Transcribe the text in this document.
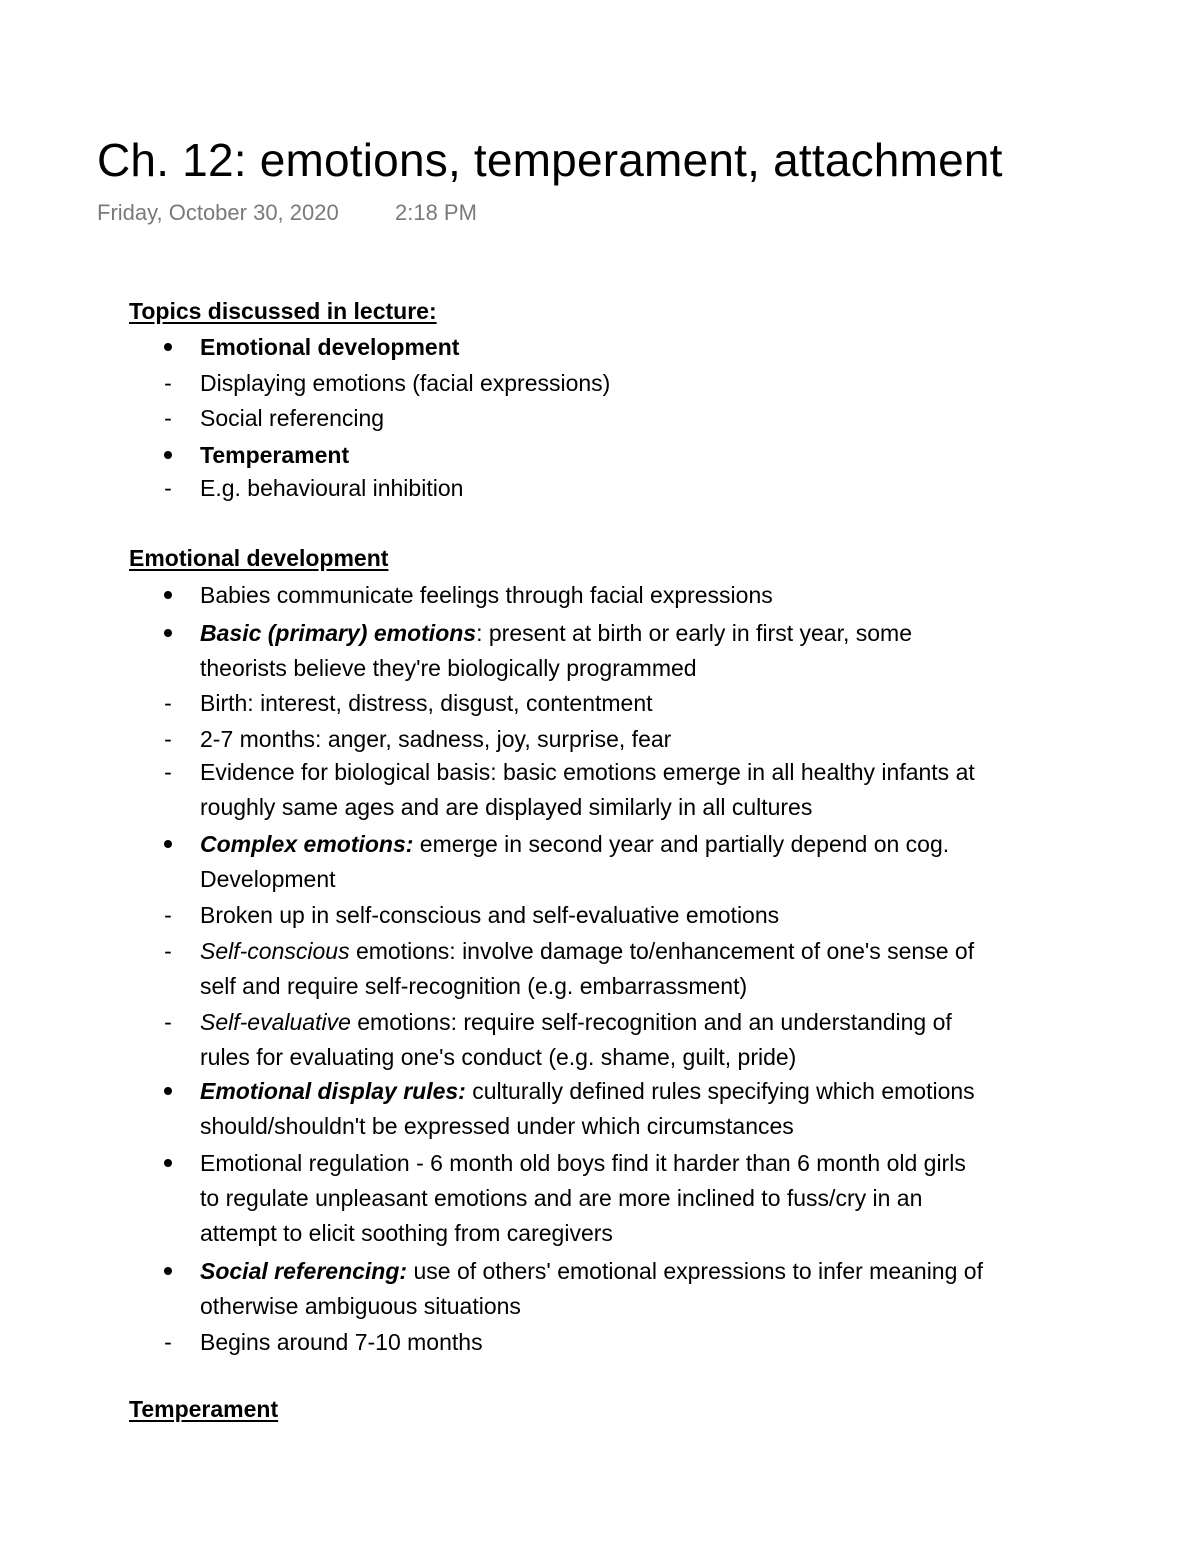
Ch. 12: emotions, temperament, attachment
Friday, October 30, 2020	2:18 PM
Topics discussed in lecture:
Emotional development
- Displaying emotions (facial expressions)
- Social referencing
Temperament
- E.g. behavioural inhibition
Emotional development
Babies communicate feelings through facial expressions
Basic (primary) emotions: present at birth or early in first year, some
theorists believe they're biologically programmed
- Birth: interest, distress, disgust, contentment
- 2-7 months: anger, sadness, joy, surprise, fear
- Evidence for biological basis: basic emotions emerge in all healthy infants at
roughly same ages and are displayed similarly in all cultures
Complex emotions: emerge in second year and partially depend on cog.
Development
- Broken up in self-conscious and self-evaluative emotions
- Self-conscious emotions: involve damage to/enhancement of one's sense of
self and require self-recognition (e.g. embarrassment)
- Self-evaluative emotions: require self-recognition and an understanding of
rules for evaluating one's conduct (e.g. shame, guilt, pride)
Emotional display rules: culturally defined rules specifying which emotions
should/shouldn't be expressed under which circumstances
Emotional regulation - 6 month old boys find it harder than 6 month old girls
to regulate unpleasant emotions and are more inclined to fuss/cry in an
attempt to elicit soothing from caregivers
Social referencing: use of others' emotional expressions to infer meaning of
otherwise ambiguous situations
- Begins around 7-10 months
Temperament
